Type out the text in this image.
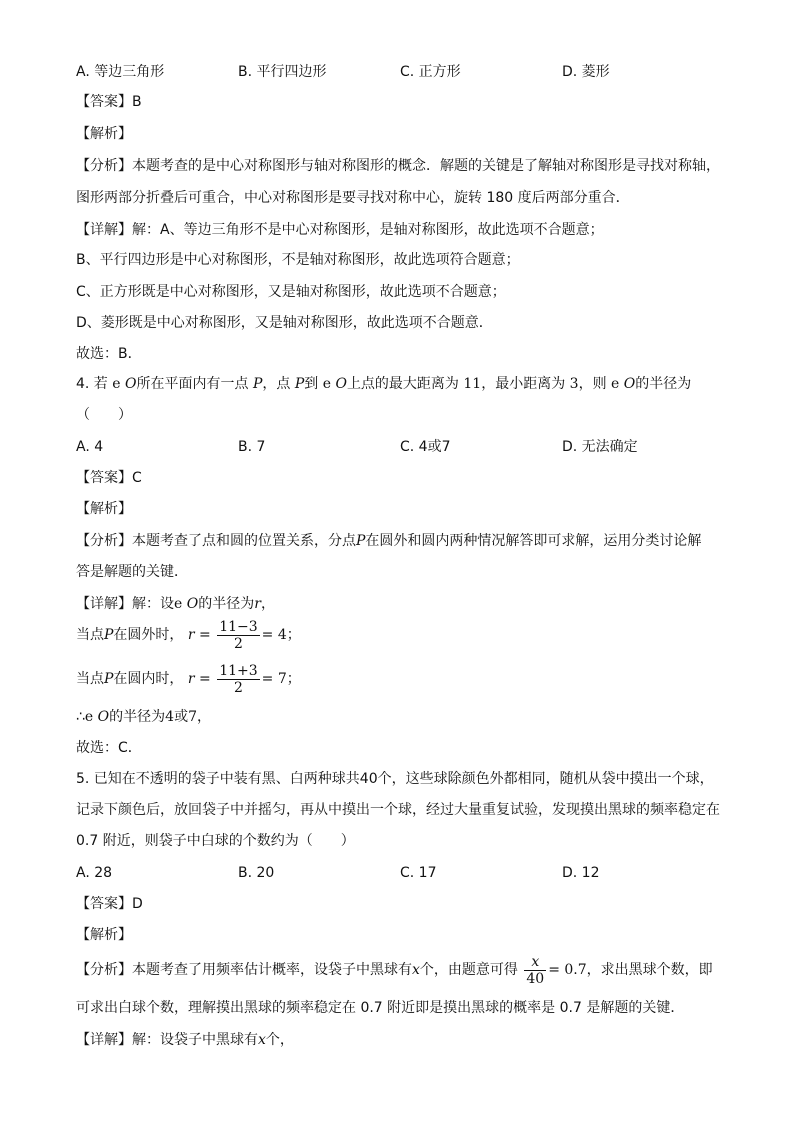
A. 等边三角形	B. 平行四边形	C. 正方形	D. 菱形
【答案】B
【解析】
【分析】本题考查的是中心对称图形与轴对称图形的概念．解题的关键是了解轴对称图形是寻找对称轴，
图形两部分折叠后可重合，中心对称图形是要寻找对称中心，旋转 180 度后两部分重合．
【详解】解：A、等边三角形不是中心对称图形，是轴对称图形，故此选项不合题意；
B、平行四边形是中心对称图形，不是轴对称图形，故此选项符合题意；
C、正方形既是中心对称图形，又是轴对称图形，故此选项不合题意；
D、菱形既是中心对称图形，又是轴对称图形，故此选项不合题意．
故选：B．
4. 若 e O所在平面内有一点 P，点 P到 e O上点的最大距离为 11，最小距离为 3，则 e O的半径为
（　　）
A. 4	B. 7	C. 4或7	D. 无法确定
【答案】C
【解析】
【分析】本题考查了点和圆的位置关系，分点P在圆外和圆内两种情况解答即可求解，运用分类讨论解
答是解题的关键．
【详解】解：设e O的半径为r，
当点P在圆外时， $r = \frac{11-3}{2} = 4$；
当点P在圆内时， $r = \frac{11+3}{2} = 7$；
∴e O的半径为4或7，
故选：C．
5. 已知在不透明的袋子中装有黑、白两种球共40个，这些球除颜色外都相同，随机从袋中摸出一个球，
记录下颜色后，放回袋子中并摇匀，再从中摸出一个球，经过大量重复试验，发现摸出黑球的频率稳定在
0.7 附近，则袋子中白球的个数约为（　　）
A. 28	B. 20	C. 17	D. 12
【答案】D
【解析】
【分析】本题考查了用频率估计概率，设袋子中黑球有x个，由题意可得 $\frac{x}{40} = 0.7$，求出黑球个数，即
可求出白球个数，理解摸出黑球的频率稳定在 0.7 附近即是摸出黑球的概率是 0.7 是解题的关键．
【详解】解：设袋子中黑球有x个，
